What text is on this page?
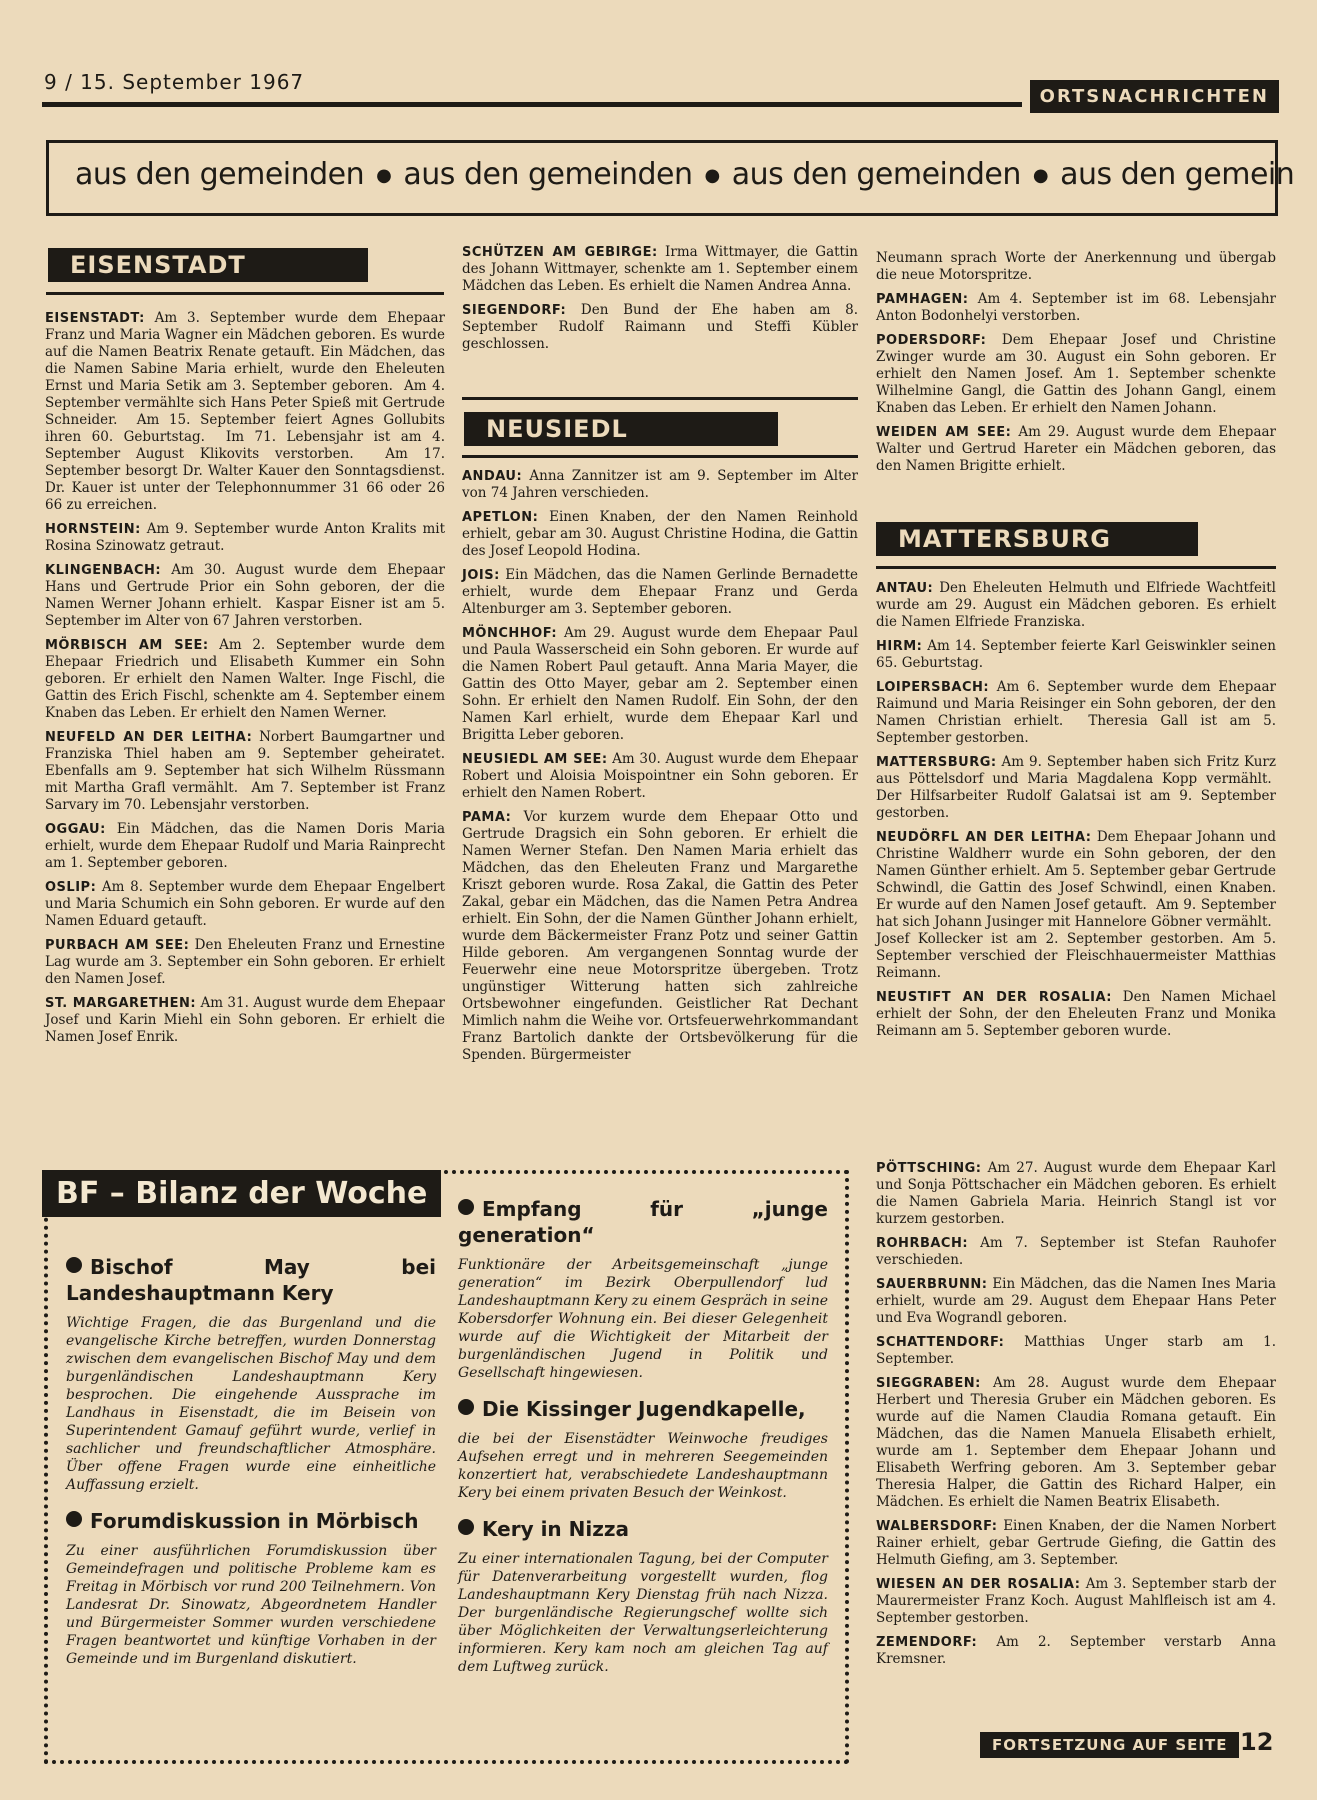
9 / 15. September 1967
ORTSNACHRICHTEN
aus den gemeinden ● aus den gemeinden ● aus den gemeinden ● aus den gemein
EISENSTADT

EISENSTADT: Am 3. September wurde dem Ehepaar Franz und Maria Wagner ein Mädchen geboren. Es wurde auf die Namen Beatrix Renate getauft. Ein Mädchen, das die Namen Sabine Maria erhielt, wurde den Eheleuten Ernst und Maria Setik am 3. September geboren.  Am 4. September vermählte sich Hans Peter Spieß mit Gertrude Schneider.  Am 15. September feiert Agnes Gollubits ihren 60. Geburtstag.  Im 71. Lebensjahr ist am 4. September August Klikovits verstorben.  Am 17. September besorgt Dr. Walter Kauer den Sonntagsdienst. Dr. Kauer ist unter der Telephonnummer 31 66 oder 26 66 zu erreichen.

HORNSTEIN: Am 9. September wurde Anton Kralits mit Rosina Szinowatz getraut.

KLINGENBACH: Am 30. August wurde dem Ehepaar Hans und Gertrude Prior ein Sohn geboren, der die Namen Werner Johann erhielt.  Kaspar Eisner ist am 5. September im Alter von 67 Jahren verstorben.

MÖRBISCH AM SEE: Am 2. September wurde dem Ehepaar Friedrich und Elisabeth Kummer ein Sohn geboren. Er erhielt den Namen Walter. Inge Fischl, die Gattin des Erich Fischl, schenkte am 4. September einem Knaben das Leben. Er erhielt den Namen Werner.

NEUFELD AN DER LEITHA: Norbert Baumgartner und Franziska Thiel haben am 9. September geheiratet. Ebenfalls am 9. September hat sich Wilhelm Rüssmann mit Martha Grafl vermählt.  Am 7. September ist Franz Sarvary im 70. Lebensjahr verstorben.

OGGAU: Ein Mädchen, das die Namen Doris Maria erhielt, wurde dem Ehepaar Rudolf und Maria Rainprecht am 1. September geboren.

OSLIP: Am 8. September wurde dem Ehepaar Engelbert und Maria Schumich ein Sohn geboren. Er wurde auf den Namen Eduard getauft.

PURBACH AM SEE: Den Eheleuten Franz und Ernestine Lag wurde am 3. September ein Sohn geboren. Er erhielt den Namen Josef.

ST. MARGARETHEN: Am 31. August wurde dem Ehepaar Josef und Karin Miehl ein Sohn geboren. Er erhielt die Namen Josef Enrik.

SCHÜTZEN AM GEBIRGE: Irma Wittmayer, die Gattin des Johann Wittmayer, schenkte am 1. September einem Mädchen das Leben. Es erhielt die Namen Andrea Anna.

SIEGENDORF: Den Bund der Ehe haben am 8. September Rudolf Raimann und Steffi Kübler geschlossen.

NEUSIEDL

ANDAU: Anna Zannitzer ist am 9. September im Alter von 74 Jahren verschieden.

APETLON: Einen Knaben, der den Namen Reinhold erhielt, gebar am 30. August Christine Hodina, die Gattin des Josef Leopold Hodina.

JOIS: Ein Mädchen, das die Namen Gerlinde Bernadette erhielt, wurde dem Ehepaar Franz und Gerda Altenburger am 3. September geboren.

MÖNCHHOF: Am 29. August wurde dem Ehepaar Paul und Paula Wasserscheid ein Sohn geboren. Er wurde auf die Namen Robert Paul getauft. Anna Maria Mayer, die Gattin des Otto Mayer, gebar am 2. September einen Sohn. Er erhielt den Namen Rudolf. Ein Sohn, der den Namen Karl erhielt, wurde dem Ehepaar Karl und Brigitta Leber geboren.

NEUSIEDL AM SEE: Am 30. August wurde dem Ehepaar Robert und Aloisia Moispointner ein Sohn geboren. Er erhielt den Namen Robert.

PAMA: Vor kurzem wurde dem Ehepaar Otto und Gertrude Dragsich ein Sohn geboren. Er erhielt die Namen Werner Stefan. Den Namen Maria erhielt das Mädchen, das den Eheleuten Franz und Margarethe Kriszt geboren wurde. Rosa Zakal, die Gattin des Peter Zakal, gebar ein Mädchen, das die Namen Petra Andrea erhielt. Ein Sohn, der die Namen Günther Johann erhielt, wurde dem Bäckermeister Franz Potz und seiner Gattin Hilde geboren.  Am vergangenen Sonntag wurde der Feuerwehr eine neue Motorspritze übergeben. Trotz ungünstiger Witterung hatten sich zahlreiche Ortsbewohner eingefunden. Geistlicher Rat Dechant Mimlich nahm die Weihe vor. Ortsfeuerwehrkommandant Franz Bartolich dankte der Ortsbevölkerung für die Spenden. Bürgermeister

Neumann sprach Worte der Anerkennung und übergab die neue Motorspritze.

PAMHAGEN: Am 4. September ist im 68. Lebensjahr Anton Bodonhelyi verstorben.

PODERSDORF: Dem Ehepaar Josef und Christine Zwinger wurde am 30. August ein Sohn geboren. Er erhielt den Namen Josef. Am 1. September schenkte Wilhelmine Gangl, die Gattin des Johann Gangl, einem Knaben das Leben. Er erhielt den Namen Johann.

WEIDEN AM SEE: Am 29. August wurde dem Ehepaar Walter und Gertrud Hareter ein Mädchen geboren, das den Namen Brigitte erhielt.

MATTERSBURG

ANTAU: Den Eheleuten Helmuth und Elfriede Wachtfeitl wurde am 29. August ein Mädchen geboren. Es erhielt die Namen Elfriede Franziska.

HIRM: Am 14. September feierte Karl Geiswinkler seinen 65. Geburtstag.

LOIPERSBACH: Am 6. September wurde dem Ehepaar Raimund und Maria Reisinger ein Sohn geboren, der den Namen Christian erhielt.  Theresia Gall ist am 5. September gestorben.

MATTERSBURG: Am 9. September haben sich Fritz Kurz aus Pöttelsdorf und Maria Magdalena Kopp vermählt.  Der Hilfsarbeiter Rudolf Galatsai ist am 9. September gestorben.

NEUDÖRFL AN DER LEITHA: Dem Ehepaar Johann und Christine Waldherr wurde ein Sohn geboren, der den Namen Günther erhielt. Am 5. September gebar Gertrude Schwindl, die Gattin des Josef Schwindl, einen Knaben. Er wurde auf den Namen Josef getauft.  Am 9. September hat sich Johann Jusinger mit Hannelore Göbner vermählt.  Josef Kollecker ist am 2. September gestorben. Am 5. September verschied der Fleischhauermeister Matthias Reimann.

NEUSTIFT AN DER ROSALIA: Den Namen Michael erhielt der Sohn, der den Eheleuten Franz und Monika Reimann am 5. September geboren wurde.

PÖTTSCHING: Am 27. August wurde dem Ehepaar Karl und Sonja Pöttschacher ein Mädchen geboren. Es erhielt die Namen Gabriela Maria. Heinrich Stangl ist vor kurzem gestorben.

ROHRBACH: Am 7. September ist Stefan Rauhofer verschieden.

SAUERBRUNN: Ein Mädchen, das die Namen Ines Maria erhielt, wurde am 29. August dem Ehepaar Hans Peter und Eva Wograndl geboren.

SCHATTENDORF: Matthias Unger starb am 1. September.

SIEGGRABEN: Am 28. August wurde dem Ehepaar Herbert und Theresia Gruber ein Mädchen geboren. Es wurde auf die Namen Claudia Romana getauft. Ein Mädchen, das die Namen Manuela Elisabeth erhielt, wurde am 1. September dem Ehepaar Johann und Elisabeth Werfring geboren. Am 3. September gebar Theresia Halper, die Gattin des Richard Halper, ein Mädchen. Es erhielt die Namen Beatrix Elisabeth.

WALBERSDORF: Einen Knaben, der die Namen Norbert Rainer erhielt, gebar Gertrude Giefing, die Gattin des Helmuth Giefing, am 3. September.

WIESEN AN DER ROSALIA: Am 3. September starb der Maurermeister Franz Koch. August Mahlfleisch ist am 4. September gestorben.

ZEMENDORF: Am 2. September verstarb Anna Kremsner.

BF – Bilanz der Woche
Bischof May bei Landeshauptmann Kery

Wichtige Fragen, die das Burgenland und die evangelische Kirche betreffen, wurden Donnerstag zwischen dem evangelischen Bischof May und dem burgenländischen Landeshauptmann Kery besprochen. Die eingehende Aussprache im Landhaus in Eisenstadt, die im Beisein von Superintendent Gamauf geführt wurde, verlief in sachlicher und freundschaftlicher Atmosphäre. Über offene Fragen wurde eine einheitliche Auffassung erzielt.

Forumdiskussion in Mörbisch

Zu einer ausführlichen Forumdiskussion über Gemeindefragen und politische Probleme kam es Freitag in Mörbisch vor rund 200 Teilnehmern. Von Landesrat Dr. Sinowatz, Abgeordnetem Handler und Bürgermeister Sommer wurden verschiedene Fragen beantwortet und künftige Vorhaben in der Gemeinde und im Burgenland diskutiert.

Empfang für „junge generation“

Funktionäre der Arbeitsgemeinschaft „junge generation“ im Bezirk Oberpullendorf lud Landeshauptmann Kery zu einem Gespräch in seine Kobersdorfer Wohnung ein. Bei dieser Gelegenheit wurde auf die Wichtigkeit der Mitarbeit der burgenländischen Jugend in Politik und Gesellschaft hingewiesen.

Die Kissinger Jugendkapelle,

die bei der Eisenstädter Weinwoche freudiges Aufsehen erregt und in mehreren Seegemeinden konzertiert hat, verabschiedete Landeshauptmann Kery bei einem privaten Besuch der Weinkost.

Kery in Nizza

Zu einer internationalen Tagung, bei der Computer für Datenverarbeitung vorgestellt wurden, flog Landeshauptmann Kery Dienstag früh nach Nizza. Der burgenländische Regierungschef wollte sich über Möglichkeiten der Verwaltungserleichterung informieren. Kery kam noch am gleichen Tag auf dem Luftweg zurück.

FORTSETZUNG AUF SEITE 12
